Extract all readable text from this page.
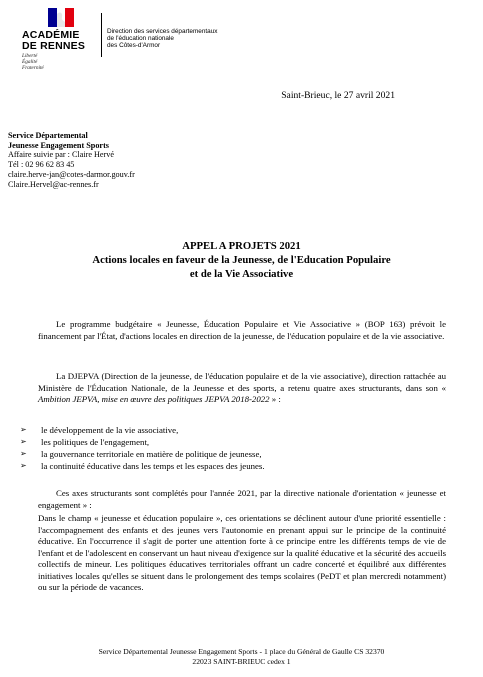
ACADÉMIE
DE RENNES
Liberté
Égalité
Fraternité
Direction des services départementaux
de l'éducation nationale
des Côtes-d'Armor
Saint-Brieuc, le 27 avril 2021
Service Départemental
Jeunesse Engagement Sports
Affaire suivie par : Claire Hervé
Tél : 02 96 62 83 45
claire.herve-jan@cotes-darmor.gouv.fr
Claire.Hervel@ac-rennes.fr
APPEL A PROJETS 2021
Actions locales en faveur de la Jeunesse, de l'Education Populaire
et de la Vie Associative
Le programme budgétaire « Jeunesse, Éducation Populaire et Vie Associative » (BOP 163) prévoit le financement par l'État, d'actions locales en direction de la jeunesse, de l'éducation populaire et de la vie associative.
La DJEPVA (Direction de la jeunesse, de l'éducation populaire et de la vie associative), direction rattachée au Ministère de l'Éducation Nationale, de la Jeunesse et des sports, a retenu quatre axes structurants, dans son « Ambition JEPVA, mise en œuvre des politiques JEPVA 2018-2022 » :
➢ le développement de la vie associative,
➢ les politiques de l'engagement,
➢ la gouvernance territoriale en matière de politique de jeunesse,
➢ la continuité éducative dans les temps et les espaces des jeunes.
Ces axes structurants sont complétés pour l'année 2021, par la directive nationale d'orientation « jeunesse et engagement » :
Dans le champ « jeunesse et éducation populaire », ces orientations se déclinent autour d'une priorité essentielle : l'accompagnement des enfants et des jeunes vers l'autonomie en prenant appui sur le principe de la continuité éducative. En l'occurrence il s'agit de porter une attention forte à ce principe entre les différents temps de vie de l'enfant et de l'adolescent en conservant un haut niveau d'exigence sur la qualité éducative et la sécurité des accueils collectifs de mineur. Les politiques éducatives territoriales offrant un cadre concerté et équilibré aux différentes initiatives locales qu'elles se situent dans le prolongement des temps scolaires (PeDT et plan mercredi notamment) ou sur la période de vacances.
Service Départemental Jeunesse Engagement Sports - 1 place du Général de Gaulle CS 32370
22023 SAINT-BRIEUC cedex 1
